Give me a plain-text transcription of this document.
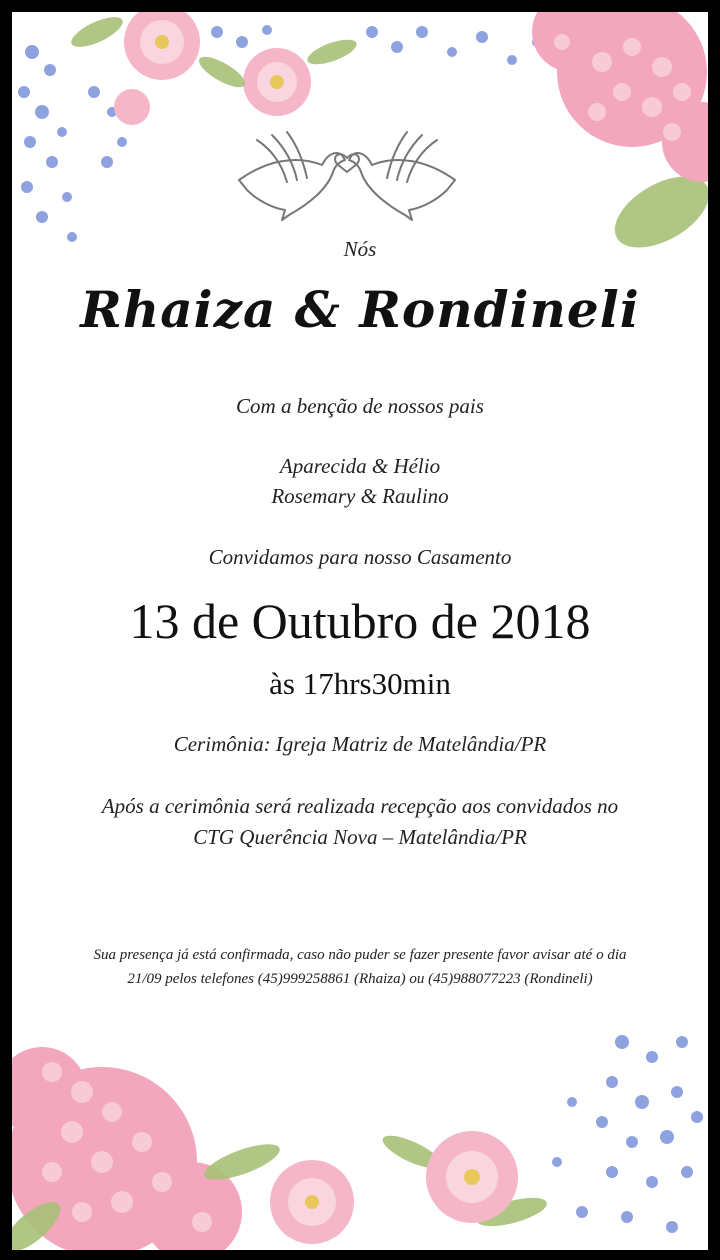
Nós
Rhaiza & Rondineli
Com a benção de nossos pais
Aparecida & Hélio
Rosemary & Raulino
Convidamos para nosso Casamento
13 de Outubro de 2018
às 17hrs30min
Cerimônia: Igreja Matriz de Matelândia/PR
Após a cerimônia será realizada recepção aos convidados no
CTG Querência Nova – Matelândia/PR
Sua presença já está confirmada, caso não puder se fazer presente favor avisar até o dia
21/09 pelos telefones (45)999258861 (Rhaiza) ou (45)988077223 (Rondineli)
